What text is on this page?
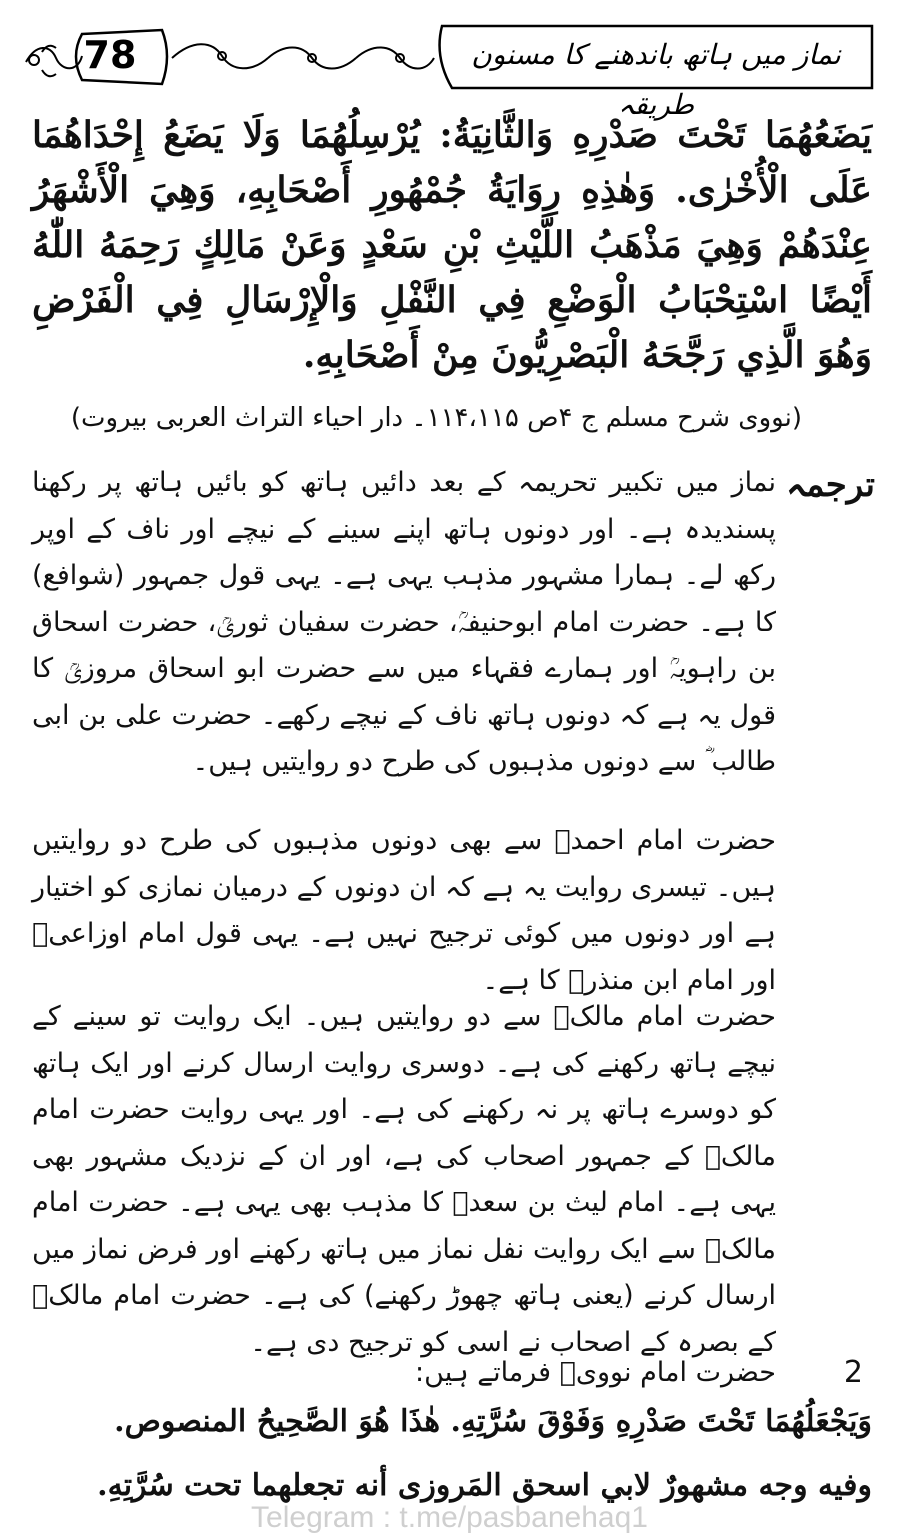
78	نماز میں ہاتھ باندھنے کا مسنون طریقہ
يَضَعُهُمَا تَحْتَ صَدْرِهِ وَالثَّانِيَةُ: يُرْسِلُهُمَا وَلَا يَضَعُ إِحْدَاهُمَا عَلَى الْأُخْرٰى. وَهٰذِهِ رِوَايَةُ جُمْهُورِ أَصْحَابِهِ، وَهِيَ الْأَشْهَرُ عِنْدَهُمْ وَهِيَ مَذْهَبُ اللَّيْثِ بْنِ سَعْدٍ وَعَنْ مَالِكٍ رَحِمَهُ اللّٰهُ أَيْضًا اسْتِحْبَابُ الْوَضْعِ فِي النَّفْلِ وَالْإِرْسَالِ فِي الْفَرْضِ وَهُوَ الَّذِي رَجَّحَهُ الْبَصْرِيُّونَ مِنْ أَصْحَابِهِ.
(نووی شرح مسلم ج ۴ص ۱۱۴،۱۱۵۔ دار احیاء التراث العربی بیروت)
ترجمہ
نماز میں تکبیر تحریمہ کے بعد دائیں ہاتھ کو بائیں ہاتھ پر رکھنا پسندیدہ ہے۔ اور دونوں ہاتھ اپنے سینے کے نیچے اور ناف کے اوپر رکھ لے۔ ہمارا مشہور مذہب یہی ہے۔ یہی قول جمہور (شوافع) کا ہے۔ حضرت امام ابوحنیفہؒ، حضرت سفیان ثوریؒ، حضرت اسحاق بن راہویہؒ اور ہمارے فقہاء میں سے حضرت ابو اسحاق مروزیؒ کا قول یہ ہے کہ دونوں ہاتھ ناف کے نیچے رکھے۔ حضرت علی بن ابی طالب ؓ سے دونوں مذہبوں کی طرح دو روایتیں ہیں۔
حضرت امام احمدؒ سے بھی دونوں مذہبوں کی طرح دو روایتیں ہیں۔ تیسری روایت یہ ہے کہ ان دونوں کے درمیان نمازی کو اختیار ہے اور دونوں میں کوئی ترجیح نہیں ہے۔ یہی قول امام اوزاعیؒ اور امام ابن منذرؒ کا ہے۔
حضرت امام مالکؒ سے دو روایتیں ہیں۔ ایک روایت تو سینے کے نیچے ہاتھ رکھنے کی ہے۔ دوسری روایت ارسال کرنے اور ایک ہاتھ کو دوسرے ہاتھ پر نہ رکھنے کی ہے۔ اور یہی روایت حضرت امام مالکؒ کے جمہور اصحاب کی ہے، اور ان کے نزدیک مشہور بھی یہی ہے۔ امام لیث بن سعدؒ کا مذہب بھی یہی ہے۔ حضرت امام مالکؒ سے ایک روایت نفل نماز میں ہاتھ رکھنے اور فرض نماز میں ارسال کرنے (یعنی ہاتھ چھوڑ رکھنے) کی ہے۔ حضرت امام مالکؒ کے بصرہ کے اصحاب نے اسی کو ترجیح دی ہے۔
2
حضرت امام نوویؒ فرماتے ہیں:
وَيَجْعَلُهُمَا تَحْتَ صَدْرِهِ وَفَوْقَ سُرَّتِهِ. هٰذَا هُوَ الصَّحِيحُ المنصوص.
وفيه وجه مشهورٌ لابي اسحق المَروزى أنه تجعلهما تحت سُرَّتِهِ.
Telegram : t.me/pasbanehaq1
